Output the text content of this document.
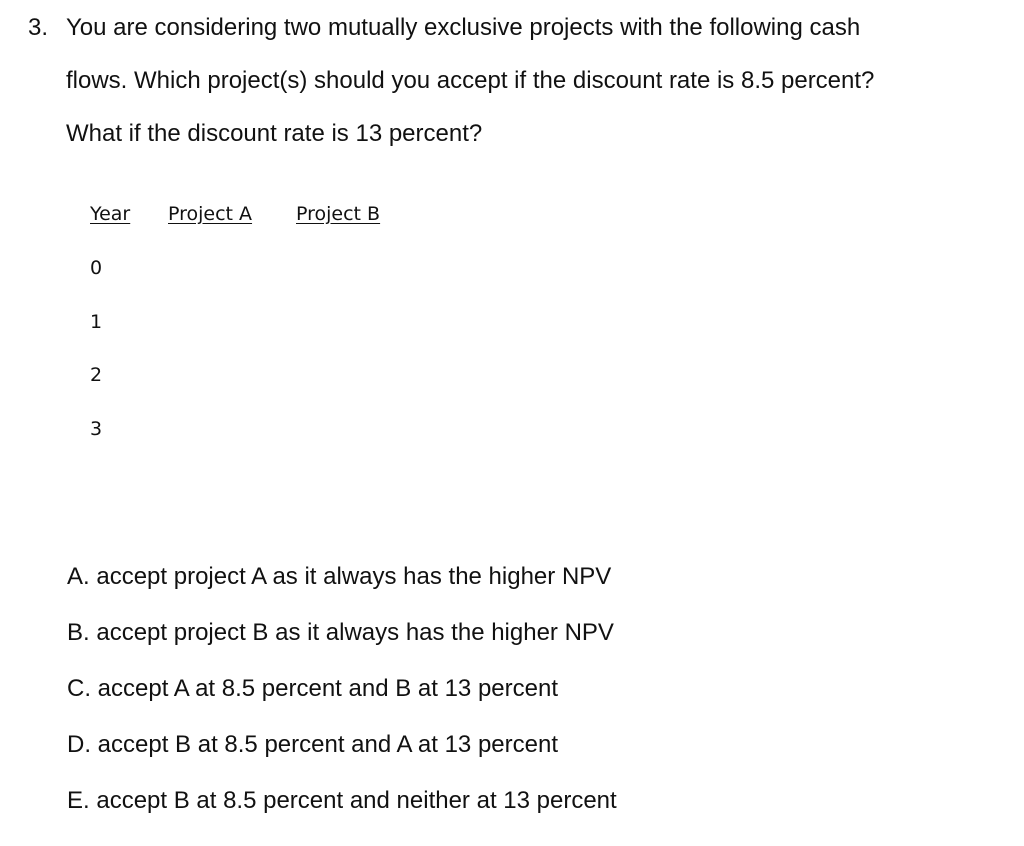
3. You are considering two mutually exclusive projects with the following cash
flows. Which project(s) should you accept if the discount rate is 8.5 percent?
What if the discount rate is 13 percent?
Year Project A Project B
0
1
2
3
A. accept project A as it always has the higher NPV
B. accept project B as it always has the higher NPV
C. accept A at 8.5 percent and B at 13 percent
D. accept B at 8.5 percent and A at 13 percent
E. accept B at 8.5 percent and neither at 13 percent
